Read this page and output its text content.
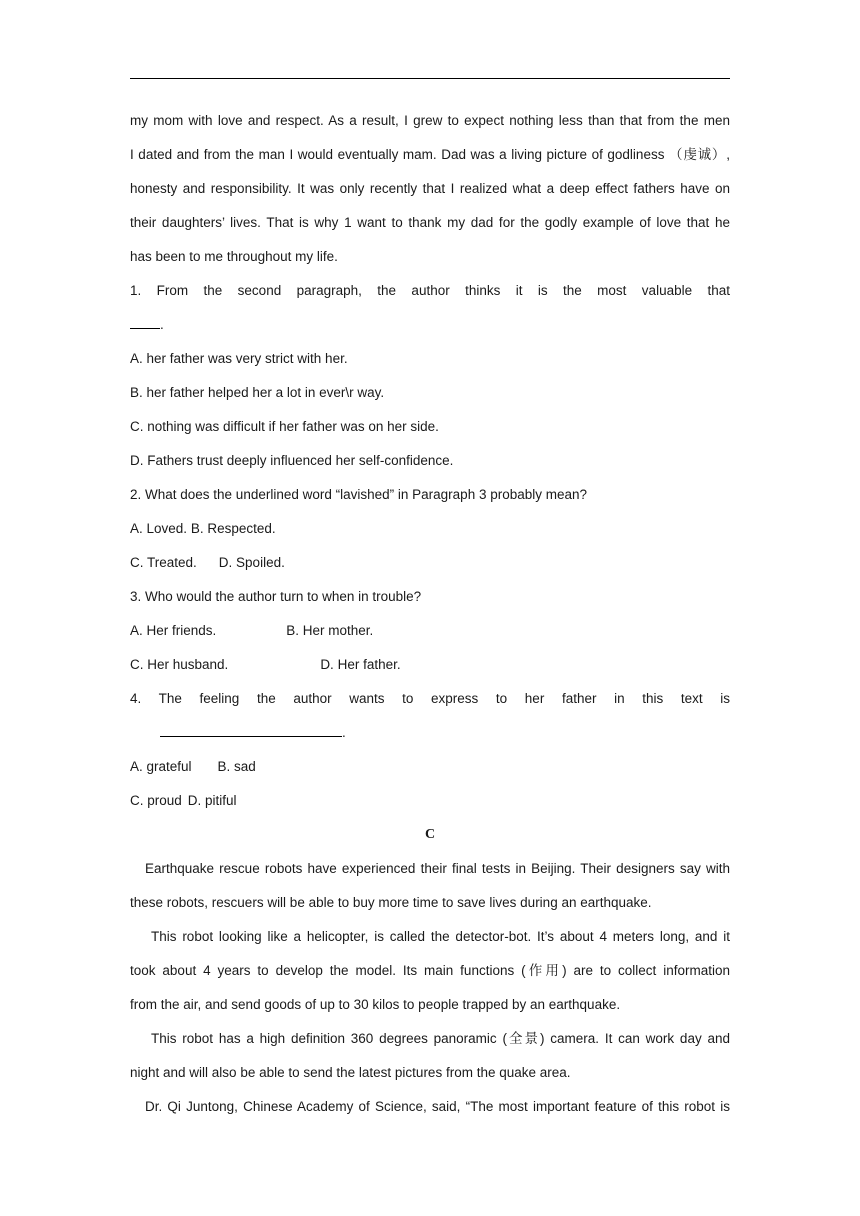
my mom with love and respect. As a result, I grew to expect nothing less than that from the men
I dated and from the man I would eventually mam. Dad was a living picture of godliness （虔诚）,
honesty and responsibility. It was only recently that I realized what a deep effect fathers have on
their daughters’ lives. That is why 1 want to thank my dad for the godly example of love that he
has been to me throughout my life.
1. From the second paragraph, the author thinks it is the most valuable that
.
A. her father was very strict with her.
B. her father helped her a lot in ever\r way.
C. nothing was difficult if her father was on her side.
D. Fathers trust deeply influenced her self-confidence.
2. What does the underlined word “lavished” in Paragraph 3 probably mean?
A. Loved. B. Respected.
C. Treated. D. Spoiled.
3. Who would the author turn to when in trouble?
A. Her friends.	B. Her mother.
C. Her husband.	D. Her father.
4. The feeling the author wants to express to her father in this text is
.
A. grateful B. sad
C. proud D. pitiful
C
Earthquake rescue robots have experienced their final tests in Beijing. Their designers say with
these robots, rescuers will be able to buy more time to save lives during an earthquake.
This robot looking like a helicopter, is called the detector-bot. It’s about 4 meters long, and it
took about 4 years to develop the model. Its main functions (作用) are to collect information
from the air, and send goods of up to 30 kilos to people trapped by an earthquake.
This robot has a high definition 360 degrees panoramic (全景) camera. It can work day and
night and will also be able to send the latest pictures from the quake area.
Dr. Qi Juntong, Chinese Academy of Science, said, “The most important feature of this robot is
